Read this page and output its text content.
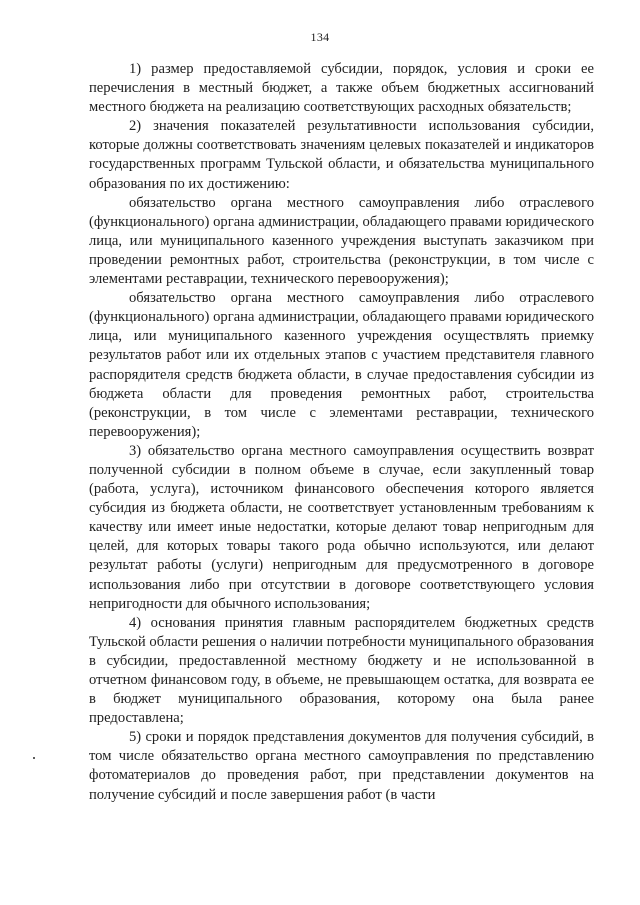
134

1) размер предоставляемой субсидии, порядок, условия и сроки ее перечисления в местный бюджет, а также объем бюджетных ассигнований местного бюджета на реализацию соответствующих расходных обязательств;

2) значения показателей результативности использования субсидии, которые должны соответствовать значениям целевых показателей и индикаторов государственных программ Тульской области, и обязательства муниципального образования по их достижению:

обязательство органа местного самоуправления либо отраслевого (функционального) органа администрации, обладающего правами юридического лица, или муниципального казенного учреждения выступать заказчиком при проведении ремонтных работ, строительства (реконструкции, в том числе с элементами реставрации, технического перевооружения);

обязательство органа местного самоуправления либо отраслевого (функционального) органа администрации, обладающего правами юридического лица, или муниципального казенного учреждения осуществлять приемку результатов работ или их отдельных этапов с участием представителя главного распорядителя средств бюджета области, в случае предоставления субсидии из бюджета области для проведения ремонтных работ, строительства (реконструкции, в том числе с элементами реставрации, технического перевооружения);

3) обязательство органа местного самоуправления осуществить возврат полученной субсидии в полном объеме в случае, если закупленный товар (работа, услуга), источником финансового обеспечения которого является субсидия из бюджета области, не соответствует установленным требованиям к качеству или имеет иные недостатки, которые делают товар непригодным для целей, для которых товары такого рода обычно используются, или делают результат работы (услуги) непригодным для предусмотренного в договоре использования либо при отсутствии в договоре соответствующего условия непригодности для обычного использования;

4) основания принятия главным распорядителем бюджетных средств Тульской области решения о наличии потребности муниципального образования в субсидии, предоставленной местному бюджету и не использованной в отчетном финансовом году, в объеме, не превышающем остатка, для возврата ее в бюджет муниципального образования, которому она была ранее предоставлена;

5) сроки и порядок представления документов для получения субсидий, в том числе обязательство органа местного самоуправления по представлению фотоматериалов до проведения работ, при представлении документов на получение субсидий и после завершения работ (в части
